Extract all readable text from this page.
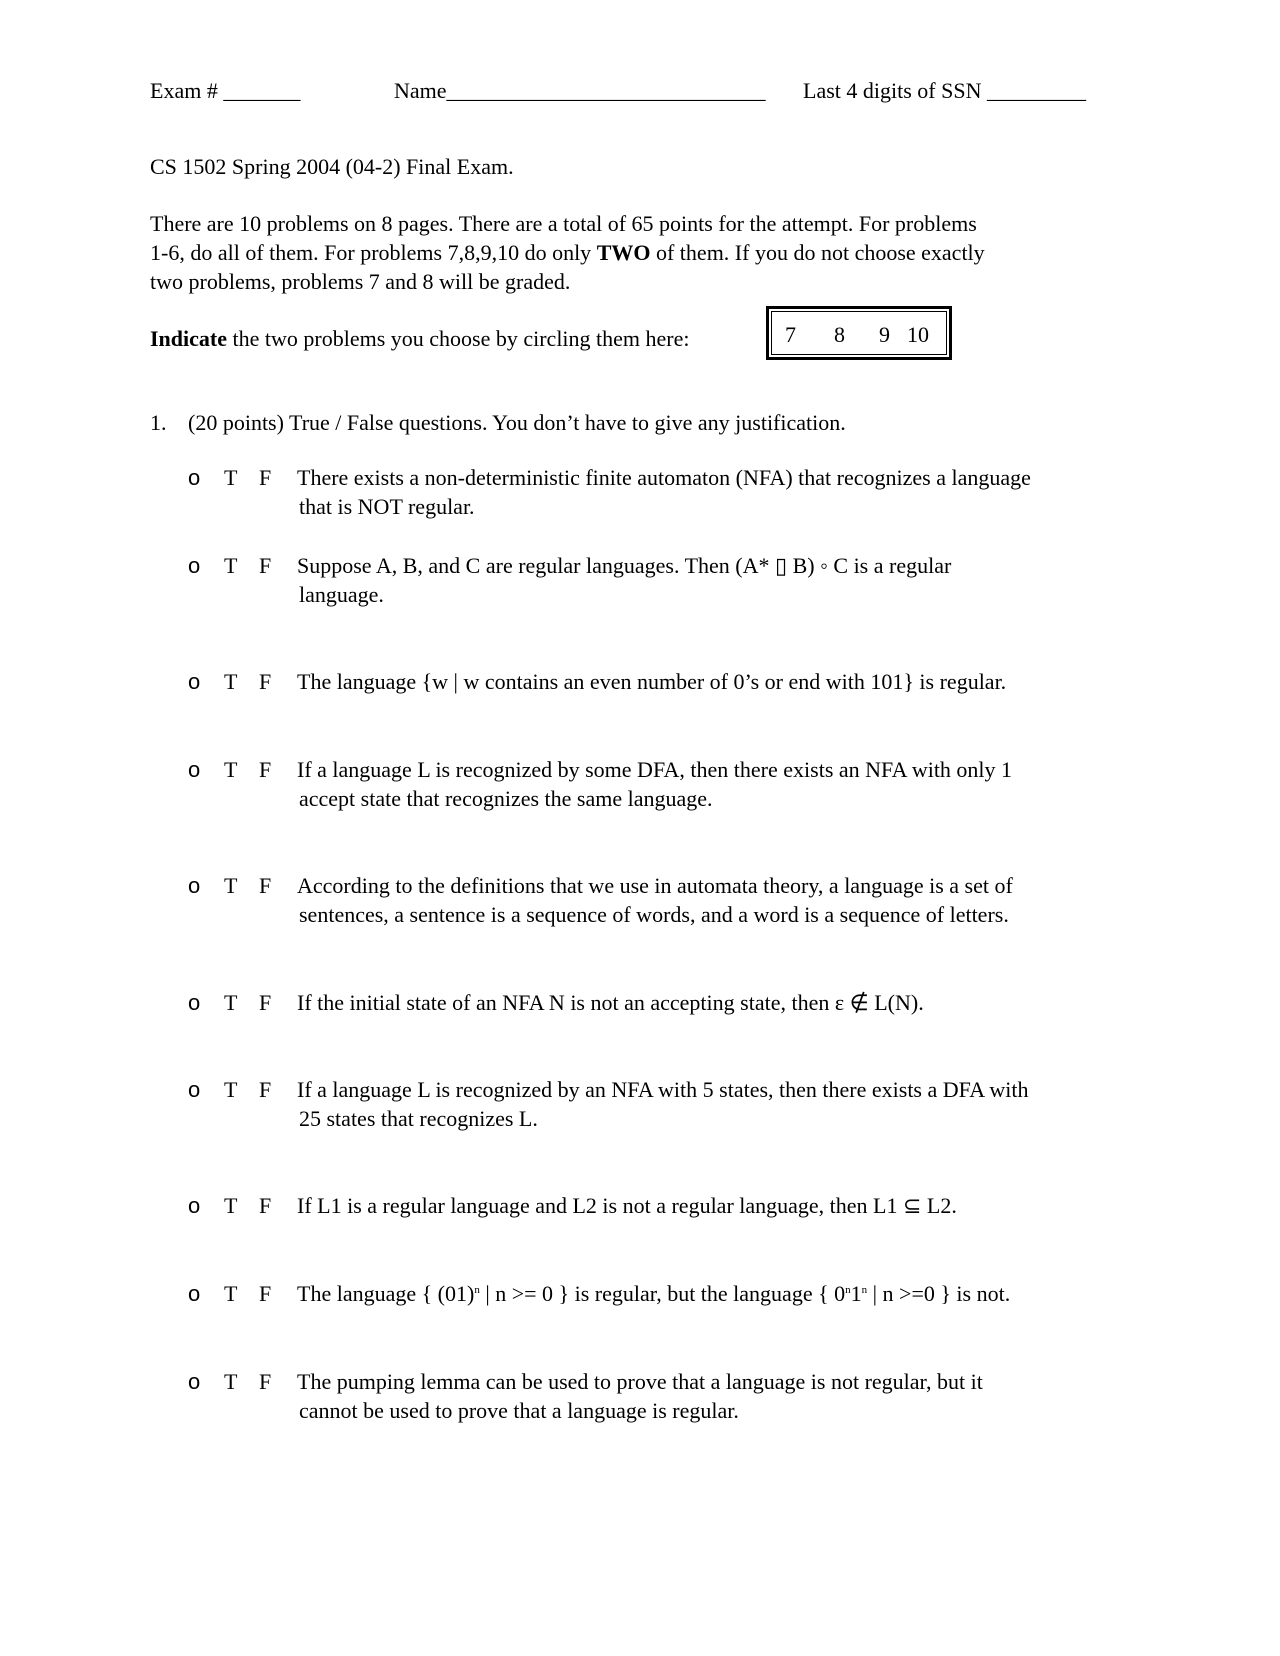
Exam # _______	Name_____________________________ Last 4 digits of SSN _________
CS 1502 Spring 2004 (04-2) Final Exam.
There are 10 problems on 8 pages. There are a total of 65 points for the attempt. For problems
1-6, do all of them. For problems 7,8,9,10 do only TWO of them. If you do not choose exactly
two problems, problems 7 and 8 will be graded.
Indicate the two problems you choose by circling them here:	7 8 9 10
1. (20 points) True / False questions. You don’t have to give any justification.
o T F There exists a non-deterministic finite automaton (NFA) that recognizes a language
that is NOT regular.
o T F Suppose A, B, and C are regular languages. Then (A* ▯ B) ◦ C is a regular
language.
o T F The language {w | w contains an even number of 0’s or end with 101} is regular.
o T F If a language L is recognized by some DFA, then there exists an NFA with only 1
accept state that recognizes the same language.
o T F According to the definitions that we use in automata theory, a language is a set of
sentences, a sentence is a sequence of words, and a word is a sequence of letters.
o T F If the initial state of an NFA N is not an accepting state, then ε ∉ L(N).
o T F If a language L is recognized by an NFA with 5 states, then there exists a DFA with
25 states that recognizes L.
o T F If L1 is a regular language and L2 is not a regular language, then L1 ⊆ L2.
o T F The language { $(01)^n$ | n >= 0 } is regular, but the language { 0$^n$1$^n$ | n >=0 } is not.
o T F The pumping lemma can be used to prove that a language is not regular, but it
cannot be used to prove that a language is regular.
